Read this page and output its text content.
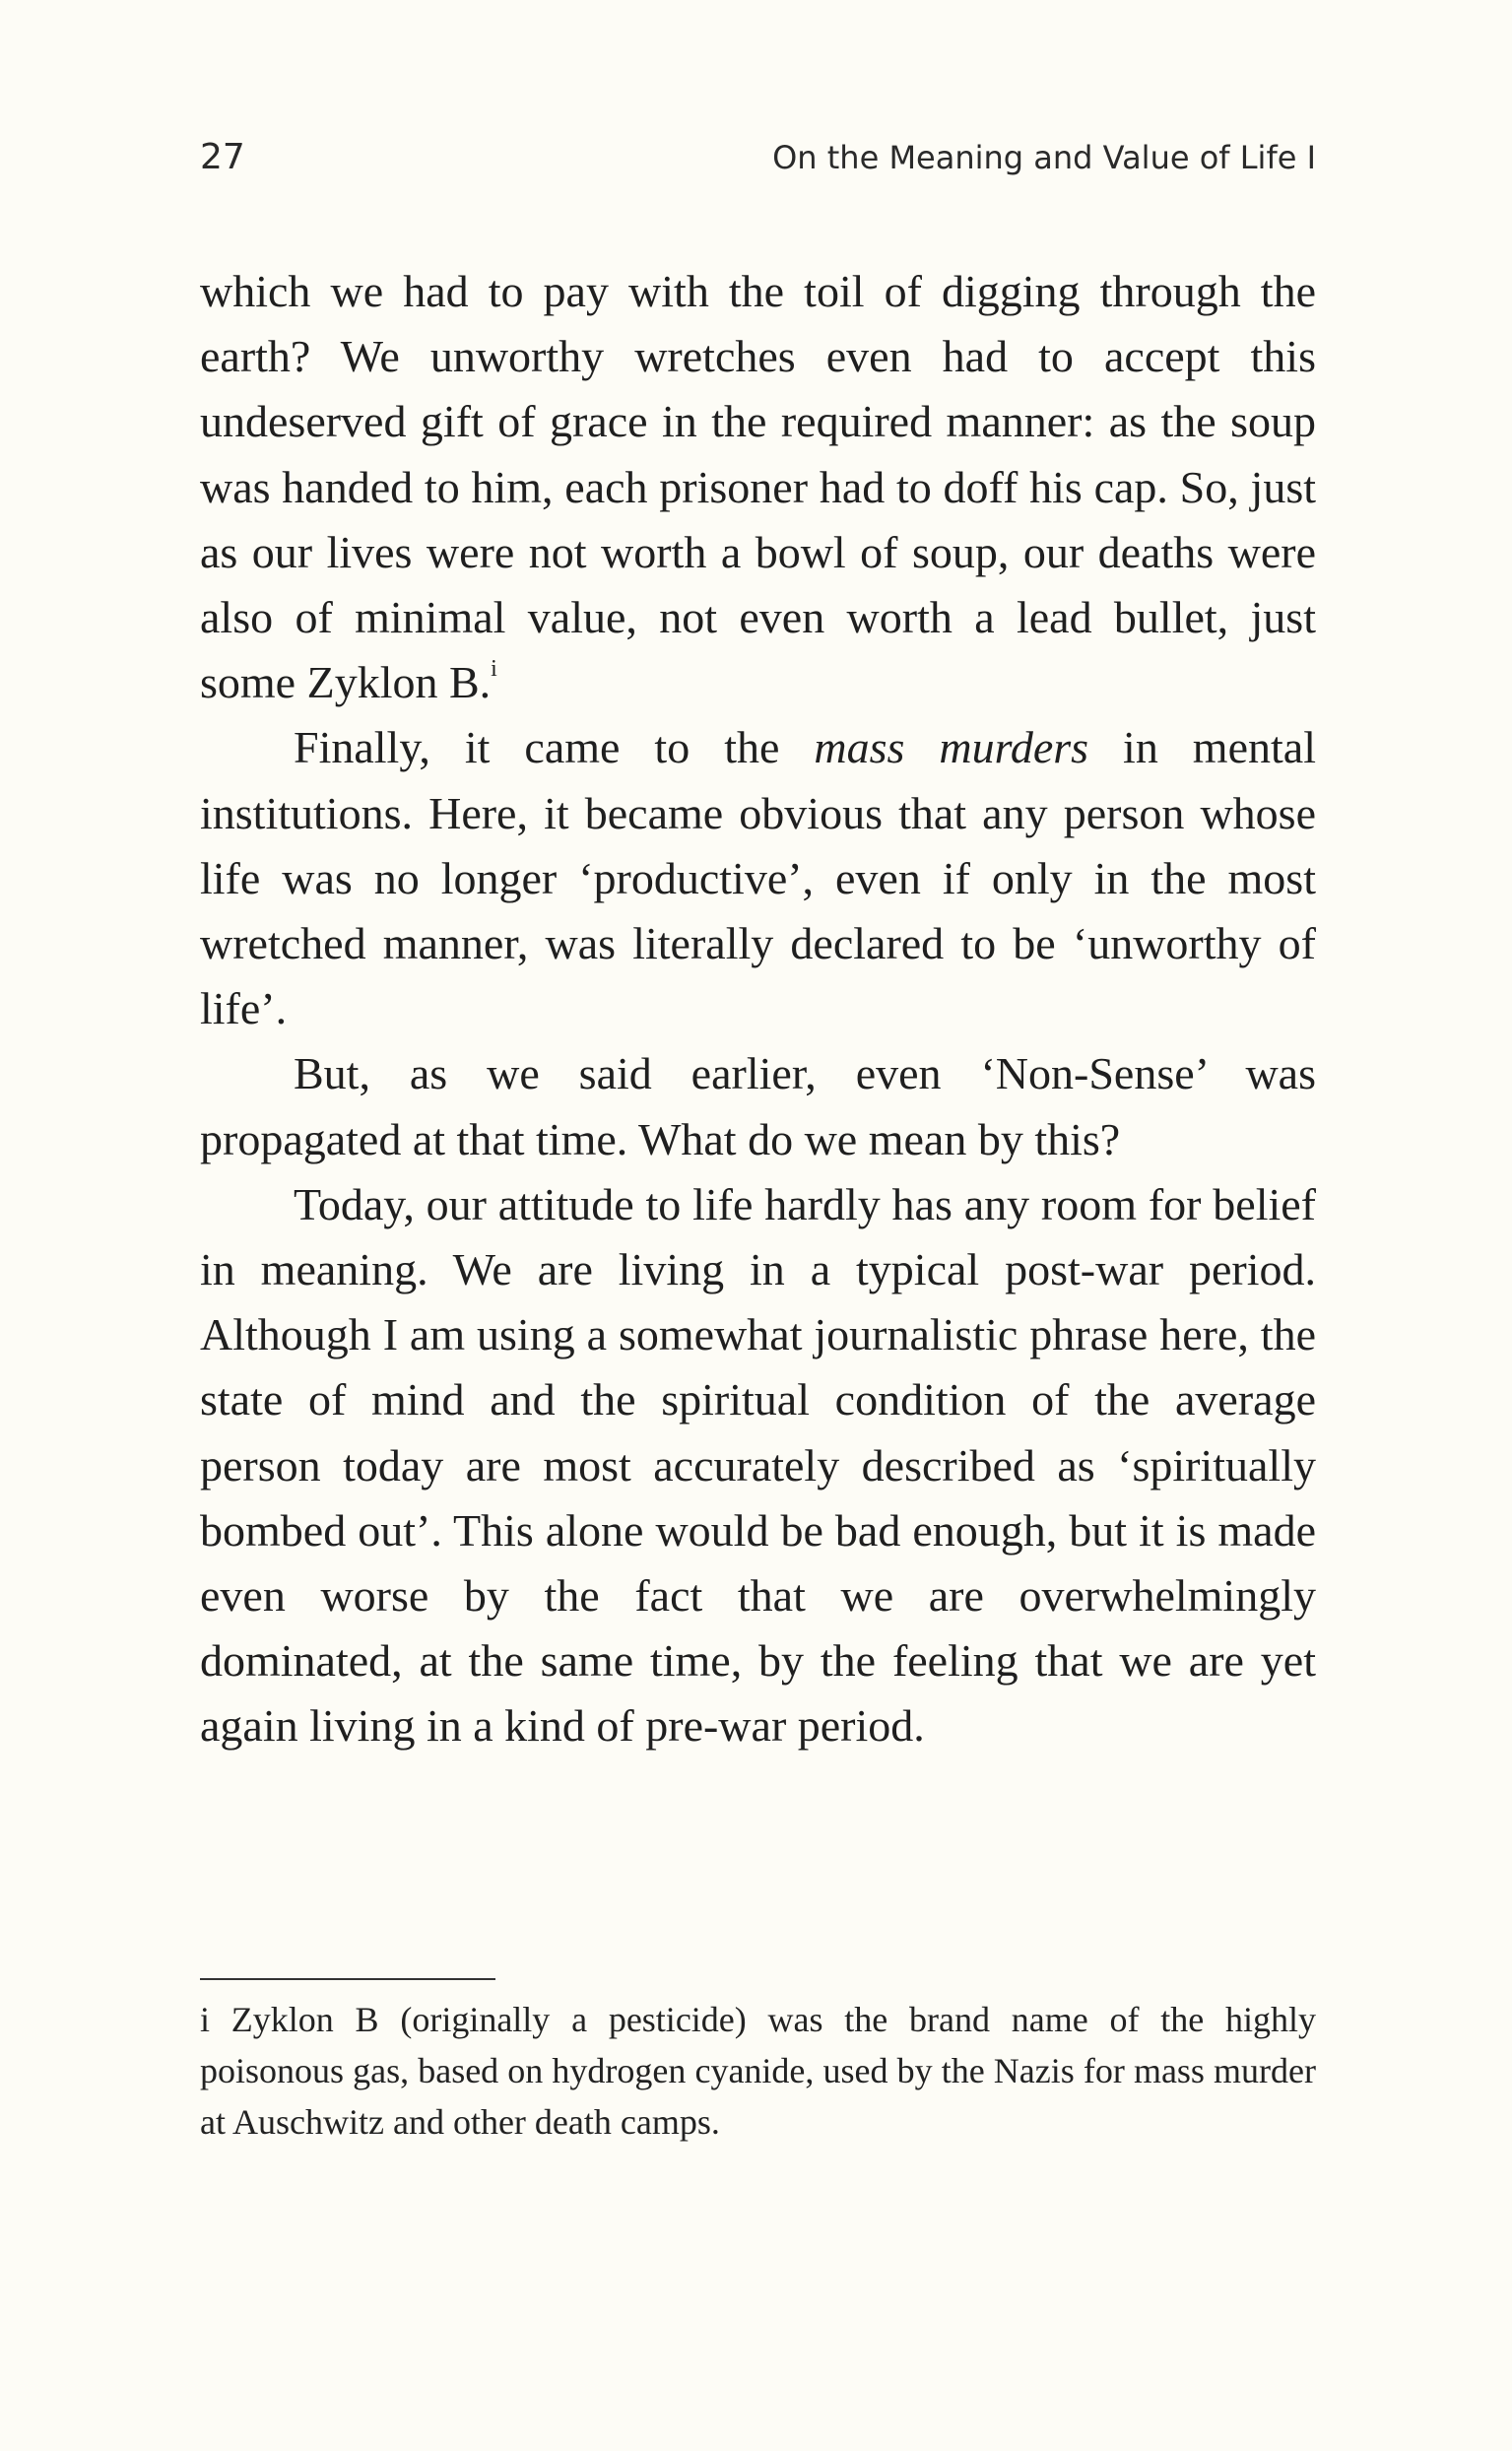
27	On the Meaning and Value of Life I

which we had to pay with the toil of digging through the earth? We unworthy wretches even had to accept this undeserved gift of grace in the required manner: as the soup was handed to him, each prisoner had to doff his cap. So, just as our lives were not worth a bowl of soup, our deaths were also of minimal value, not even worth a lead bullet, just some Zyklon B.$^i$

Finally, it came to the mass murders in mental institutions. Here, it became obvious that any person whose life was no longer ‘productive’, even if only in the most wretched manner, was literally declared to be ‘unworthy of life’.

But, as we said earlier, even ‘Non-Sense’ was propagated at that time. What do we mean by this?

Today, our attitude to life hardly has any room for belief in meaning. We are living in a typical post-war period. Although I am using a somewhat journalistic phrase here, the state of mind and the spiritual condition of the average person today are most accurately described as ‘spiritually bombed out’. This alone would be bad enough, but it is made even worse by the fact that we are overwhelmingly dominated, at the same time, by the feeling that we are yet again living in a kind of pre-war period.

i Zyklon B (originally a pesticide) was the brand name of the highly poisonous gas, based on hydrogen cyanide, used by the Nazis for mass murder at Auschwitz and other death camps.
